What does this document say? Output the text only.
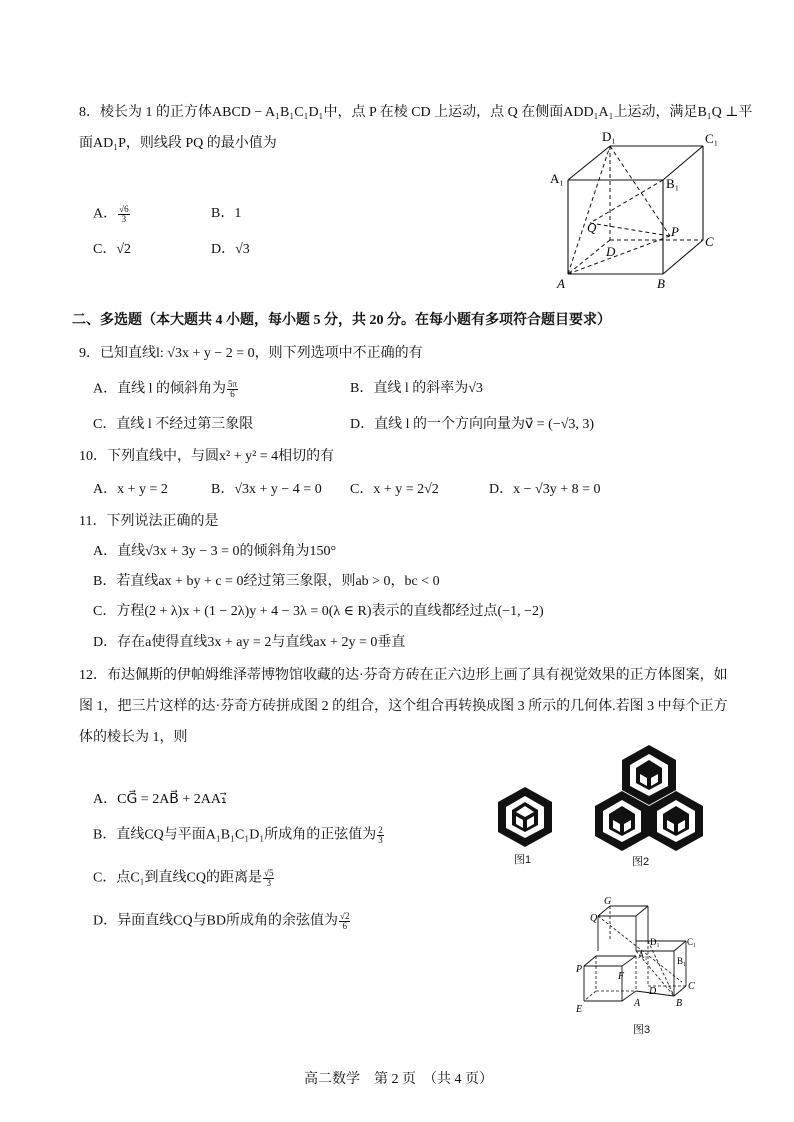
8．棱长为 1 的正方体ABCD − A₁B₁C₁D₁中，点 P 在棱 CD 上运动，点 Q 在侧面ADD₁A₁上运动，满足B₁Q ⊥平
面AD₁P，则线段 PQ 的最小值为
A． $\frac{√6}{3}$	B．1
C．√2	D．√3
D₁	C₁
A₁	B₁
Q	P
D
C
A	B
二、多选题（本大题共 4 小题，每小题 5 分，共 20 分。在每小题有多项符合题目要求）
9．已知直线l: √3x + y − 2 = 0，则下列选项中不正确的有
A．直线 l 的倾斜角为 $\frac{5\pi}{6}$	B．直线 l 的斜率为√3
C．直线 l 不经过第三象限	D．直线 l 的一个方向向量为v⃗ = (−√3, 3)
10．下列直线中，与圆x² + y² = 4相切的有
A．x + y = 2	B．√3x + y − 4 = 0 C．x + y = 2√2	D．x − √3y + 8 = 0
11．下列说法正确的是
A．直线√3x + 3y − 3 = 0的倾斜角为150°
B．若直线ax + by + c = 0经过第三象限，则ab > 0，bc < 0
C．方程(2 + λ)x + (1 − 2λ)y + 4 − 3λ = 0(λ ∈ R)表示的直线都经过点(−1, −2)
D．存在a使得直线3x + ay = 2与直线ax + 2y = 0垂直
12．布达佩斯的伊帕姆维泽蒂博物馆收藏的达·芬奇方砖在正六边形上画了具有视觉效果的正方体图案，如
图 1，把三片这样的达·芬奇方砖拼成图 2 的组合，这个组合再转换成图 3 所示的几何体.若图 3 中每个正方
体的棱长为 1，则
A．CG⃗ = 2AB⃗ + 2AA₁⃗
B．直线CQ与平面A₁B₁C₁D₁所成角的正弦值为 $\frac{2}{3}$
C．点C₁到直线CQ的距离是 $\frac{√5}{3}$
D．异面直线CQ与BD所成角的余弦值为 $\frac{√2}{6}$
图1	图2
G
Q
D₁	C₁
A₁
B₁
P
F
D	C
E
A	B
图3
高二数学　第 2 页　（共 4 页）
